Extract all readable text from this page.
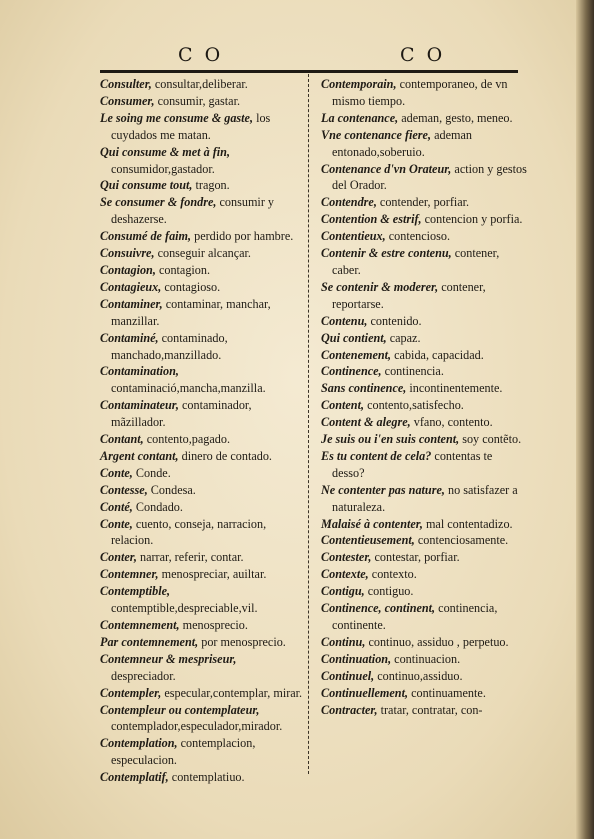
C O	C O
Consulter, consultar,deliberar.
Consumer, consumir, gastar.
Le soing me consume & gaste, los cuydados me matan.
Qui consume & met à fin, consumidor,gastador.
Qui consume tout, tragon.
Se consumer & fondre, consumir y deshazerse.
Consumé de faim, perdido por hambre.
Consuivre, conseguir alcançar.
Contagion, contagion.
Contagieux, contagioso.
Contaminer, contaminar, manchar, manzillar.
Contaminé, contaminado, manchado,manzillado.
Contamination, contaminació,mancha,manzilla.
Contaminateur, contaminador, mãzillador.
Contant, contento,pagado.
Argent contant, dinero de contado.
Conte, Conde.
Contesse, Condesa.
Conté, Condado.
Conte, cuento, conseja, narracion, relacion.
Conter, narrar, referir, contar.
Contemner, menospreciar, auiltar.
Contemptible, contemptible,despreciable,vil.
Contemnement, menosprecio.
Par contemnement, por menosprecio.
Contemneur & mespriseur, despreciador.
Contempler, especular,contemplar, mirar.
Contempleur ou contemplateur, contemplador,especulador,mirador.
Contemplation, contemplacion, especulacion.
Contemplatif, contemplatiuo.
Contemporain, contemporaneo, de vn mismo tiempo.
La contenance, ademan, gesto, meneo.
Vne contenance fiere, ademan entonado,soberuio.
Contenance d'vn Orateur, action y gestos del Orador.
Contendre, contender, porfiar.
Contention & estrif, contencion y porfia.
Contentieux, contencioso.
Contenir & estre contenu, contener, caber.
Se contenir & moderer, contener, reportarse.
Contenu, contenido.
Qui contient, capaz.
Contenement, cabida, capacidad.
Continence, continencia.
Sans continence, incontinentemente.
Content, contento,satisfecho.
Content & alegre, vfano, contento.
Je suis ou i'en suis content, soy contẽto.
Es tu content de cela? contentas te desso?
Ne contenter pas nature, no satisfazer a naturaleza.
Malaisé à contenter, mal contentadizo.
Contentieusement, contenciosamente.
Contester, contestar, porfiar.
Contexte, contexto.
Contigu, contiguo.
Continence, continent, continencia, continente.
Continu, continuo, assiduo , perpetuo.
Continuation, continuacion.
Continuel, continuo,assiduo.
Continuellement, continuamente.
Contracter, tratar, contratar, con-
